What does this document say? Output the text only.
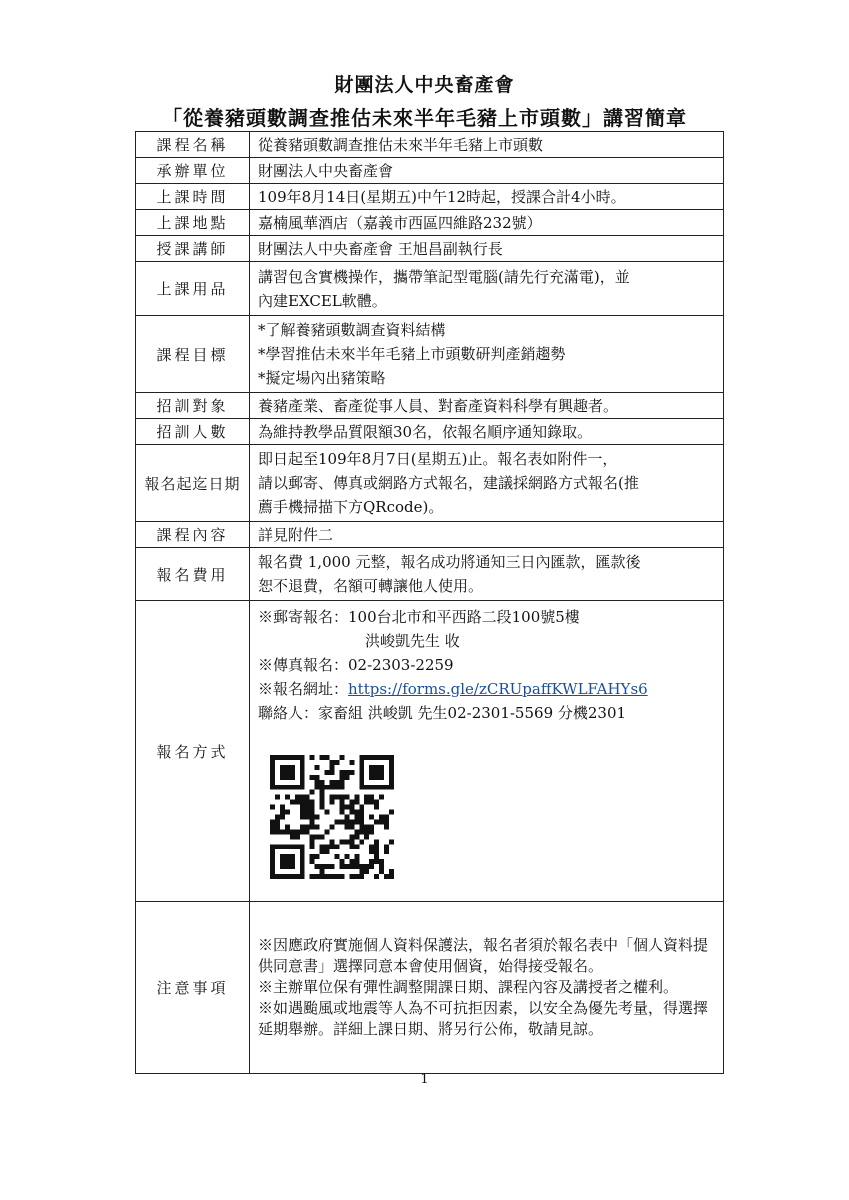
財團法人中央畜產會
「從養豬頭數調查推估未來半年毛豬上市頭數」講習簡章
課程名稱	從養豬頭數調查推估未來半年毛豬上市頭數
承辦單位	財團法人中央畜產會
上課時間	109年8月14日(星期五)中午12時起，授課合計4小時。
上課地點	嘉楠風華酒店（嘉義市西區四維路232號）
授課講師	財團法人中央畜產會 王旭昌副執行長
上課用品	講習包含實機操作，攜帶筆記型電腦(請先行充滿電)，並
內建EXCEL軟體。

課程目標	*了解養豬頭數調查資料結構
*學習推估未來半年毛豬上市頭數研判產銷趨勢
*擬定場內出豬策略

招訓對象	養豬產業、畜產從事人員、對畜產資料科學有興趣者。
招訓人數	為維持教學品質限額30名，依報名順序通知錄取。
報名起迄日期	即日起至109年8月7日(星期五)止。報名表如附件一，
請以郵寄、傳真或網路方式報名，建議採網路方式報名(推
薦手機掃描下方QRcode)。

課程內容	詳見附件二
報名費用	報名費 1,000 元整，報名成功將通知三日內匯款，匯款後
恕不退費，名額可轉讓他人使用。

報名方式	※郵寄報名：100台北市和平西路二段100號5樓
洪峻凱先生 收
※傳真報名：02-2303-2259
※報名網址：https://forms.gle/zCRUpaffKWLFAHYs6
聯絡人：家畜組 洪峻凱 先生02-2301-5569 分機2301

注意事項	※因應政府實施個人資料保護法，報名者須於報名表中「個人資料提供同意書」選擇同意本會使用個資，始得接受報名。
※主辦單位保有彈性調整開課日期、課程內容及講授者之權利。
※如遇颱風或地震等人為不可抗拒因素，以安全為優先考量，得選擇延期舉辦。詳細上課日期、將另行公佈，敬請見諒。
1
